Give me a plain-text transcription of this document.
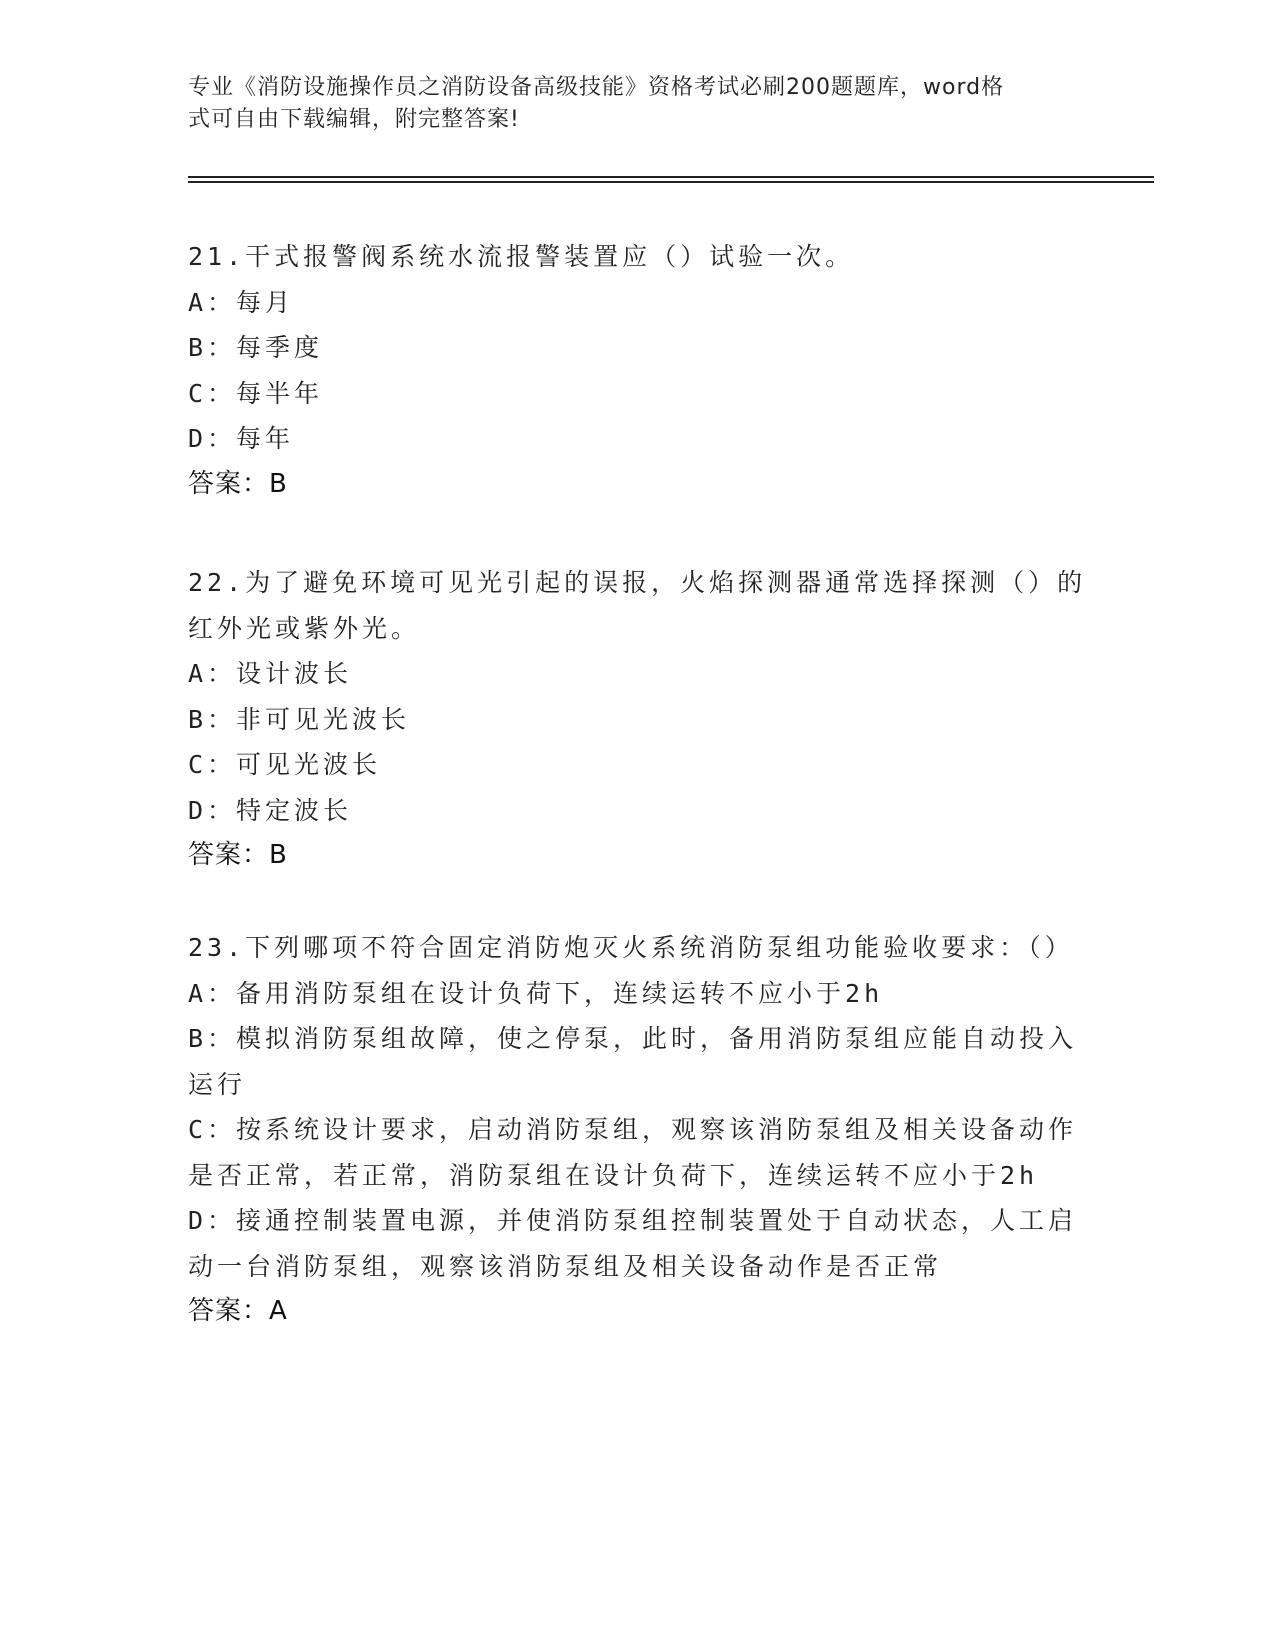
专业《消防设施操作员之消防设备高级技能》资格考试必刷200题题库，word格
式可自由下载编辑，附完整答案!
21.干式报警阀系统水流报警装置应（）试验一次。
A：每月
B：每季度
C：每半年
D：每年
答案：B
22.为了避免环境可见光引起的误报，火焰探测器通常选择探测（）的
红外光或紫外光。
A：设计波长
B：非可见光波长
C：可见光波长
D：特定波长
答案：B
23.下列哪项不符合固定消防炮灭火系统消防泵组功能验收要求：（）
A：备用消防泵组在设计负荷下，连续运转不应小于2h
B：模拟消防泵组故障，使之停泵，此时，备用消防泵组应能自动投入
运行
C：按系统设计要求，启动消防泵组，观察该消防泵组及相关设备动作
是否正常，若正常，消防泵组在设计负荷下，连续运转不应小于2h
D：接通控制装置电源，并使消防泵组控制装置处于自动状态，人工启
动一台消防泵组，观察该消防泵组及相关设备动作是否正常
答案：A
